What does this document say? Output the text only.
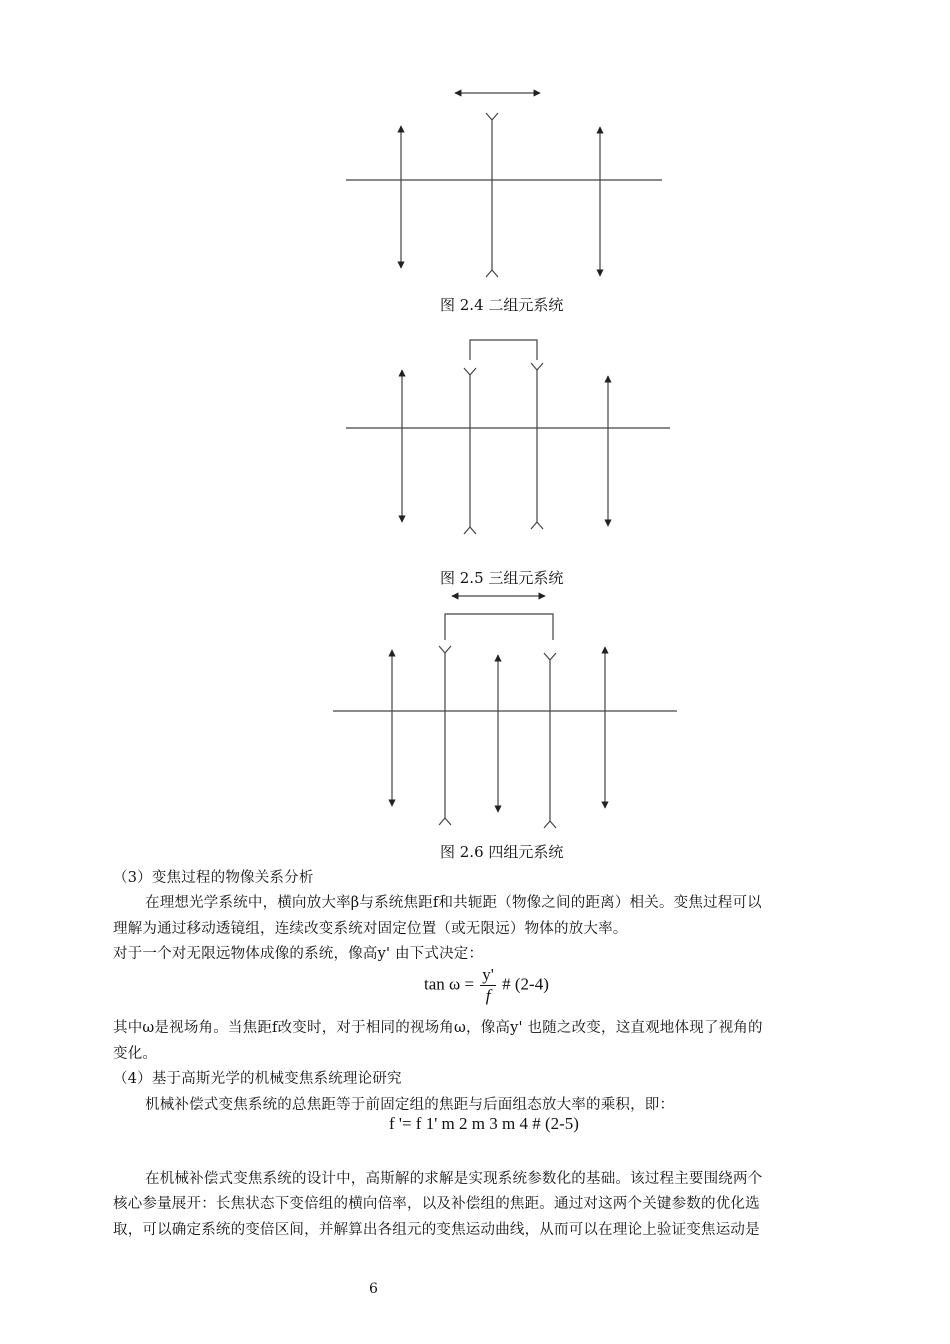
图 2.4 二组元系统
图 2.5 三组元系统
图 2.6 四组元系统
（3）变焦过程的物像关系分析
在理想光学系统中，横向放大率β与系统焦距f和共轭距（物像之间的距离）相关。变焦过程可以
理解为通过移动透镜组，连续改变系统对固定位置（或无限远）物体的放大率。
对于一个对无限远物体成像的系统，像高y' 由下式决定：
$\tan \omega = \frac{y'}{f}$ # (2-4)
其中ω是视场角。当焦距f改变时，对于相同的视场角ω，像高y' 也随之改变，这直观地体现了视角的
变化。
（4）基于高斯光学的机械变焦系统理论研究
机械补偿式变焦系统的总焦距等于前固定组的焦距与后面组态放大率的乘积，即：
f '= f 1' m 2 m 3 m 4 # (2-5)
在机械补偿式变焦系统的设计中，高斯解的求解是实现系统参数化的基础。该过程主要围绕两个
核心参量展开：长焦状态下变倍组的横向倍率，以及补偿组的焦距。通过对这两个关键参数的优化选
取，可以确定系统的变倍区间，并解算出各组元的变焦运动曲线，从而可以在理论上验证变焦运动是
6
